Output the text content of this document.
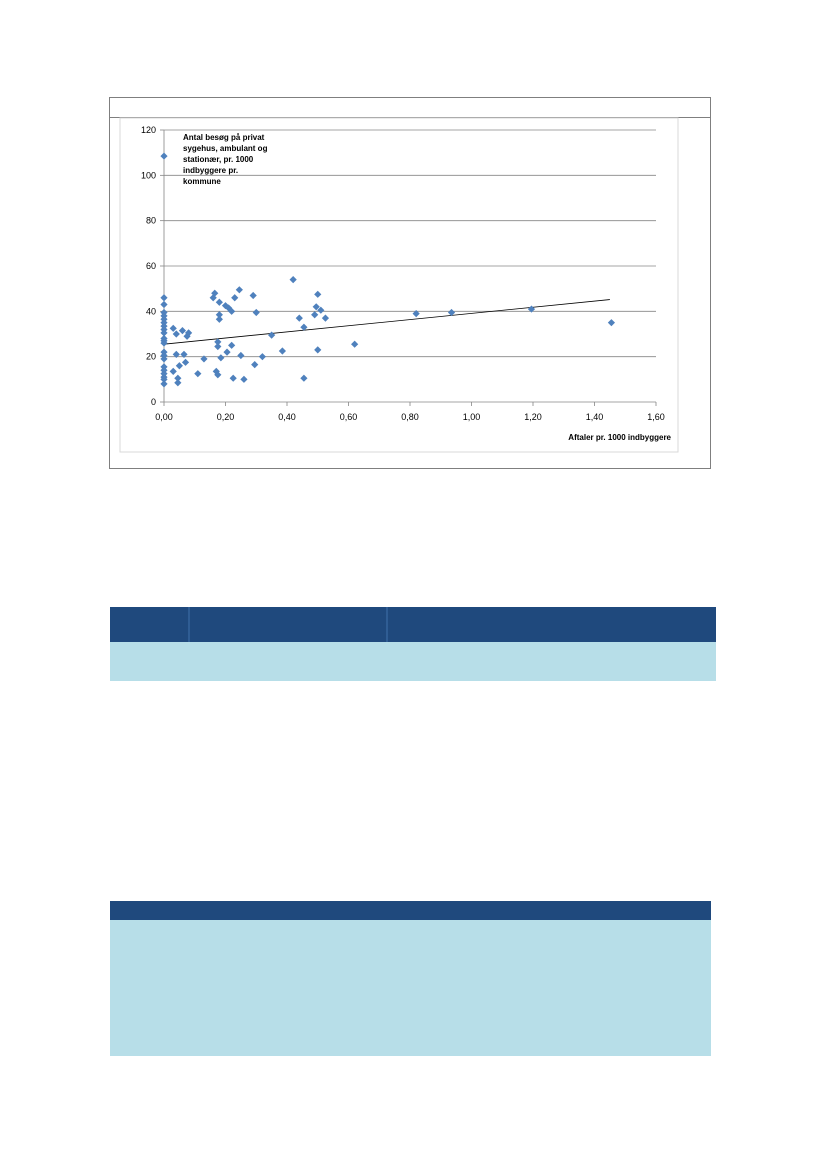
0
20
40
60
80
100
120
0,00	0,20	0,40	0,60	0,80	1,00	1,20	1,40	1,60
Antal besøg på privat sygehus, ambulant og stationær, pr. 1000 indbyggere pr. kommune
Aftaler pr. 1000 indbyggere
